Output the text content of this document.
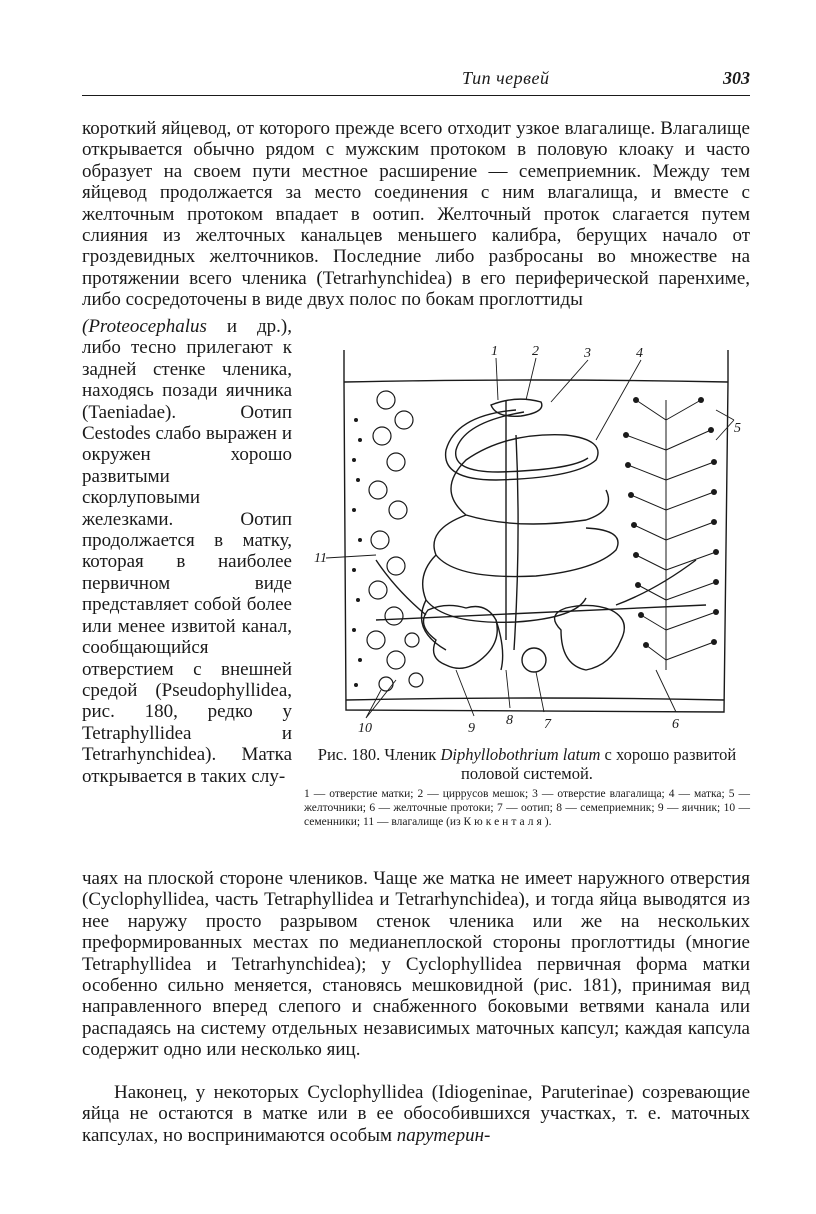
Тип червей	303

короткий яйцевод, от которого прежде всего отходит узкое влагалище. Влагалище открывается обычно рядом с мужским протоком в половую клоаку и часто образует на своем пути местное расширение — семеприемник. Между тем яйцевод продолжается за место соединения с ним влагалища, и вместе с желточным протоком впадает в оотип. Желточный проток слагается путем слияния из желточных канальцев меньшего калибра, берущих начало от гроздевидных желточников. Последние либо разбросаны во множестве на протяжении всего членика (Tetrarhynchidea) в его периферической паренхиме, либо сосредоточены в виде двух полос по бокам проглоттиды

(Proteocephalus и др.), либо тесно прилегают к задней стенке членика, находясь позади яичника (Taeniadae). Оотип Cestodes слабо выражен и окружен хорошо развитыми скорлуповыми железками. Оотип продолжается в матку, которая в наиболее первичном виде представляет собой более или менее извитой канал, сообщающийся отверстием с внешней средой (Pseudophyllidea, рис. 180, редко у Tetraphyllidea и Tetrarhynchidea). Матка открывается в таких слу-

1 2	3	4
5
6
7
8
9
10
11
Рис. 180. Членик Diphyllobothrium latum с хорошо развитой половой системой.
1 — отверстие матки; 2 — циррусов мешок; 3 — отверстие влагалища; 4 — матка; 5 — желточники; 6 — желточные протоки; 7 — оотип; 8 — семеприемник; 9 — яичник; 10 — семенники; 11 — влагалище (из Кюкенталя).

чаях на плоской стороне члеников. Чаще же матка не имеет наружного отверстия (Cyclophyllidea, часть Tetraphyllidea и Tetrarhynchidea), и тогда яйца выводятся из нее наружу просто разрывом стенок членика или же на нескольких преформированных местах по медианеплоской стороны проглоттиды (многие Tetraphyllidea и Tetrarhynchidea); у Cyclophyllidea первичная форма матки особенно сильно меняется, становясь мешковидной (рис. 181), принимая вид направленного вперед слепого и снабженного боковыми ветвями канала или распадаясь на систему отдельных независимых маточных капсул; каждая капсула содержит одно или несколько яиц.

Наконец, у некоторых Cyclophyllidea (Idiogeninae, Paruterinae) созревающие яйца не остаются в матке или в ее обособившихся участках, т. е. маточных капсулах, но воспринимаются особым парутерин-
